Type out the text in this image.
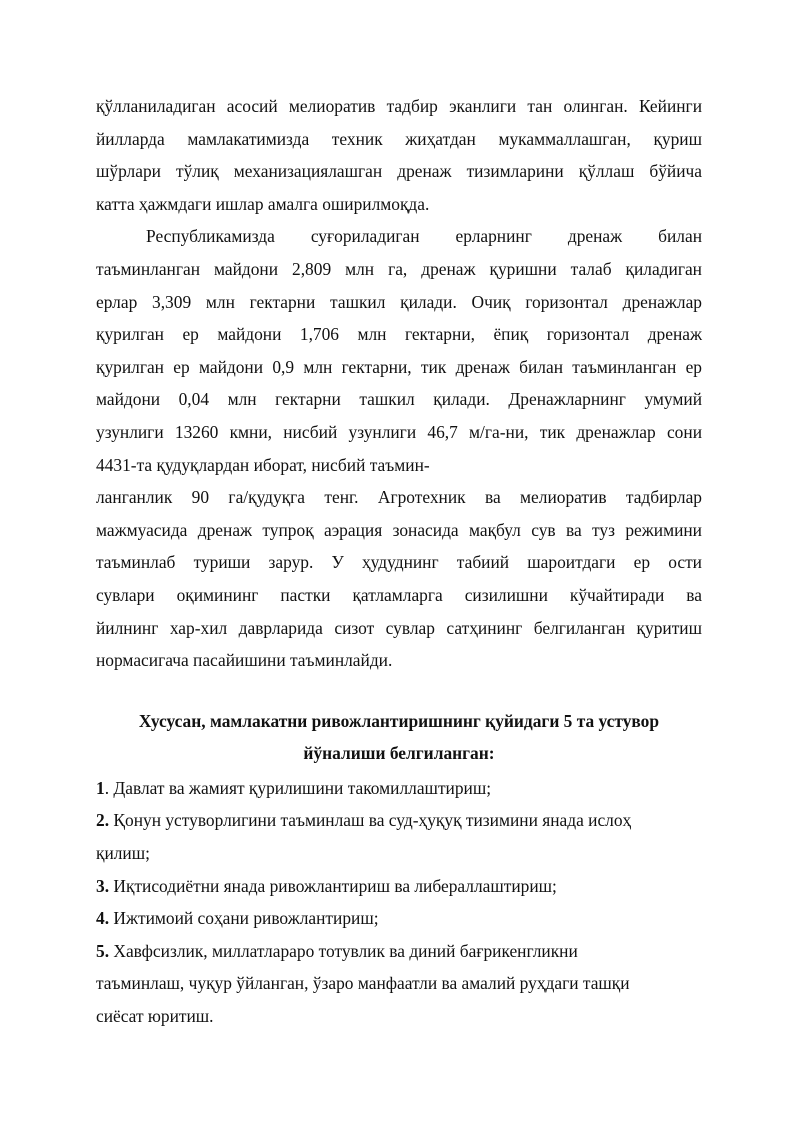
қўлланиладиган асосий мелиоратив тадбир эканлиги тан олинган. Кейинги
йилларда мамлакатимизда техник жиҳатдан мукаммаллашган, қуриш
шўрлари тўлиқ механизациялашган дренаж тизимларини қўллаш бўйича
катта ҳажмдаги ишлар амалга оширилмоқда.

Республикамизда суғориладиган ерларнинг дренаж билан
таъминланган майдони 2,809 млн га, дренаж қуришни талаб қиладиган
ерлар 3,309 млн гектарни ташкил қилади. Очиқ горизонтал дренажлар
қурилган ер майдони 1,706 млн гектарни, ёпиқ горизонтал дренаж
қурилган ер майдони 0,9 млн гектарни, тик дренаж билан таъминланган ер
майдони 0,04 млн гектарни ташкил қилади. Дренажларнинг умумий
узунлиги 13260 кмни, нисбий узунлиги 46,7 м/га-ни, тик дренажлар сони
4431-та қудуқлардан иборат, нисбий таъмин-

ланганлик 90 га/қудуқга тенг. Агротехник ва мелиоратив тадбирлар
мажмуасида дренаж тупроқ аэрация зонасида мақбул сув ва туз режимини
таъминлаб туриши зарур. У ҳудуднинг табиий шароитдаги ер ости
сувлари оқимининг пастки қатламларга сизилишни кўчайтиради ва
йилнинг хар-хил даврларида сизот сувлар сатҳининг белгиланган қуритиш
нормасигача пасайишини таъминлайди.

Хусусан, мамлакатни ривожлантиришнинг қуйидаги 5 та устувор
йўналиши белгиланган:
1. Давлат ва жамият қурилишини такомиллаштириш;
2. Қонун устуворлигини таъминлаш ва суд-ҳуқуқ тизимини янада ислоҳ
қилиш;
3. Иқтисодиётни янада ривожлантириш ва либераллаштириш;
4. Ижтимоий соҳани ривожлантириш;
5. Хавфсизлик, миллатлараро тотувлик ва диний бағрикенгликни
таъминлаш, чуқур ўйланган, ўзаро манфаатли ва амалий руҳдаги ташқи
сиёсат юритиш.
